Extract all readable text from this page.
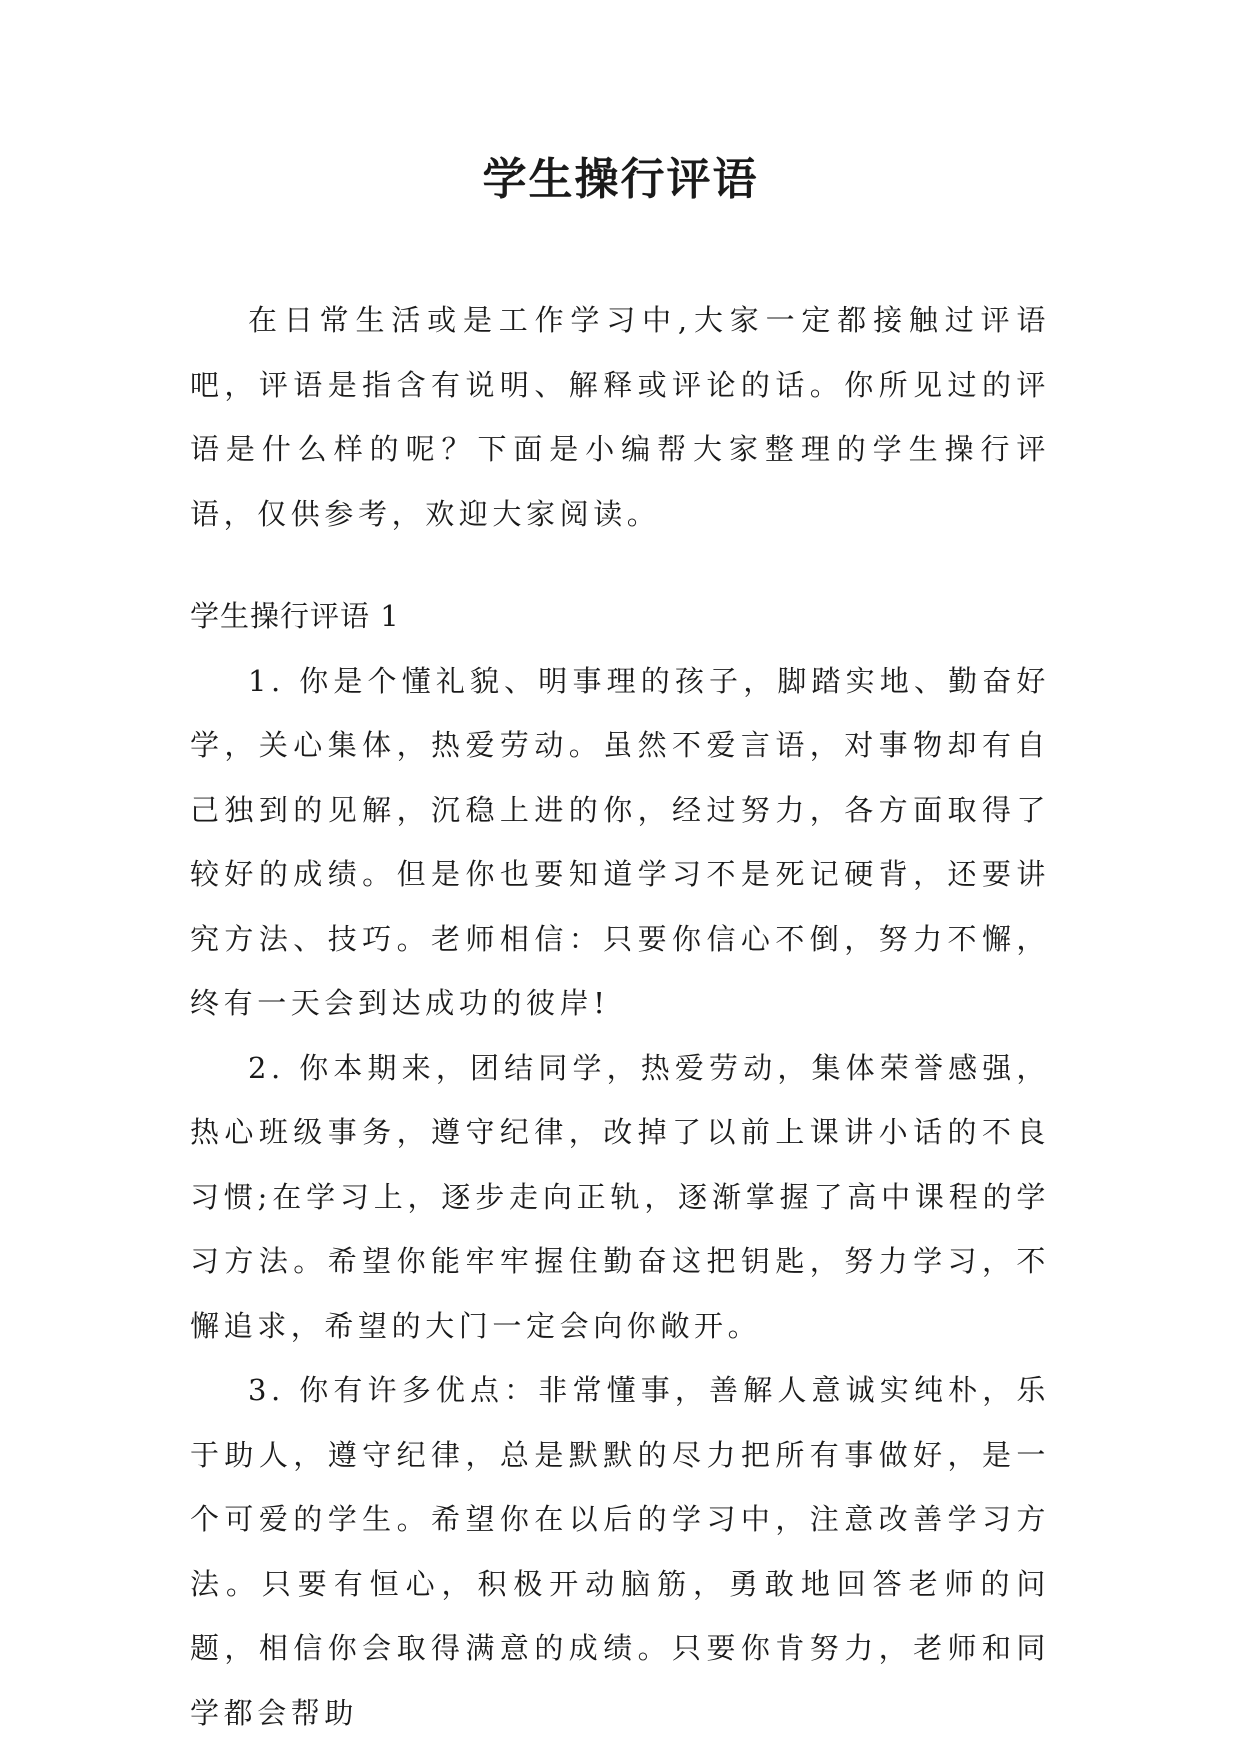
学生操行评语

在日常生活或是工作学习中,大家一定都接触过评语吧，评语是指含有说明、解释或评论的话。你所见过的评语是什么样的呢？下面是小编帮大家整理的学生操行评语，仅供参考，欢迎大家阅读。

学生操行评语 1

1. 你是个懂礼貌、明事理的孩子，脚踏实地、勤奋好学，关心集体，热爱劳动。虽然不爱言语，对事物却有自己独到的见解，沉稳上进的你，经过努力，各方面取得了较好的成绩。但是你也要知道学习不是死记硬背，还要讲究方法、技巧。老师相信：只要你信心不倒，努力不懈，终有一天会到达成功的彼岸!

2. 你本期来，团结同学，热爱劳动，集体荣誉感强，热心班级事务，遵守纪律，改掉了以前上课讲小话的不良习惯;在学习上，逐步走向正轨，逐渐掌握了高中课程的学习方法。希望你能牢牢握住勤奋这把钥匙，努力学习，不懈追求，希望的大门一定会向你敞开。

3. 你有许多优点：非常懂事，善解人意诚实纯朴，乐于助人，遵守纪律，总是默默的尽力把所有事做好，是一个可爱的学生。希望你在以后的学习中，注意改善学习方法。只要有恒心，积极开动脑筋，勇敢地回答老师的问题，相信你会取得满意的成绩。只要你肯努力，老师和同学都会帮助
